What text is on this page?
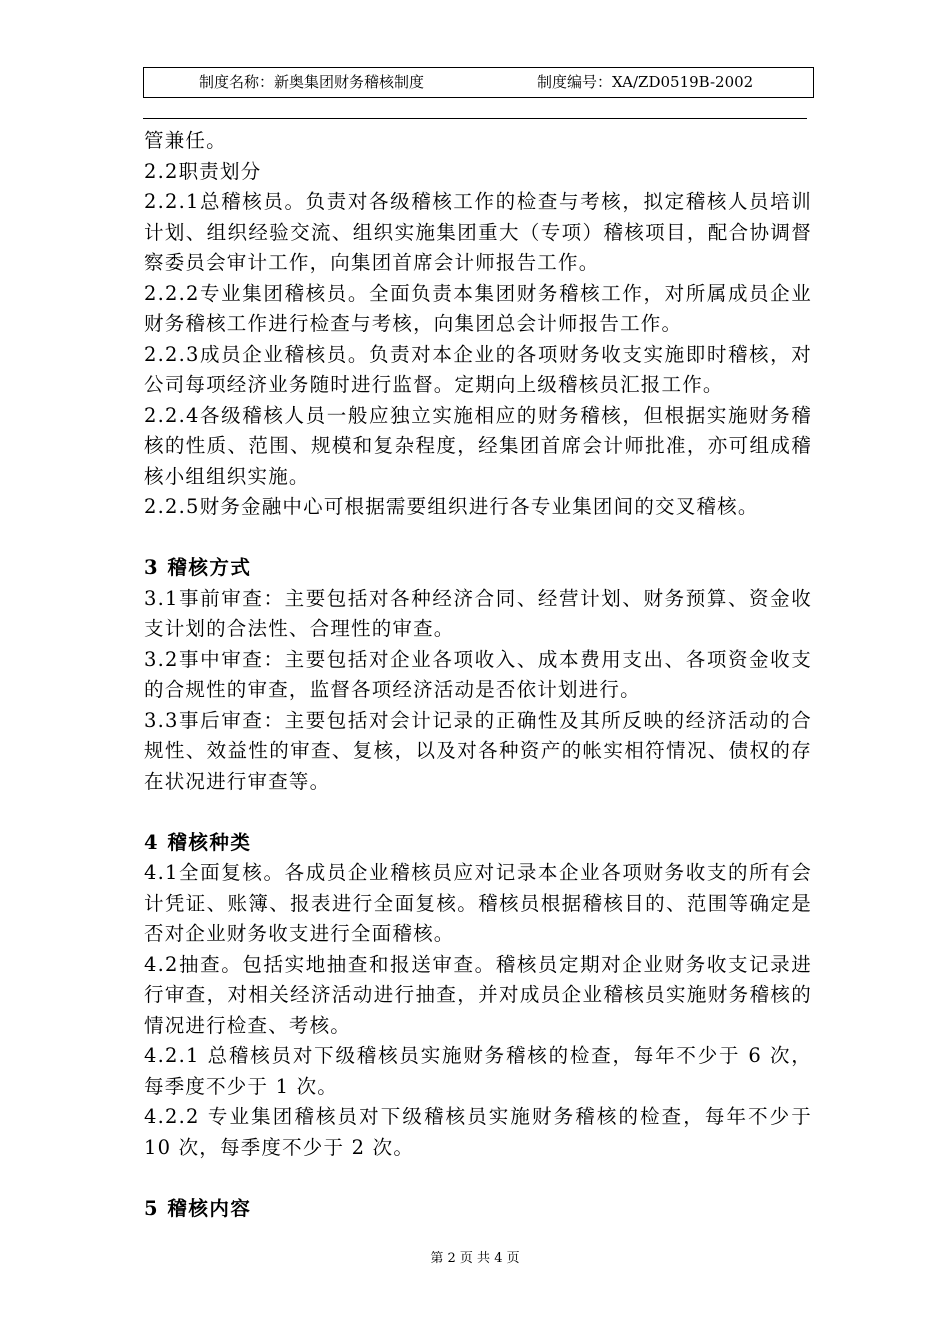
制度名称：新奥集团财务稽核制度	制度编号：XA/ZD0519B-2002

管兼任。

2.2职责划分

2.2.1总稽核员。负责对各级稽核工作的检查与考核，拟定稽核人员培训计划、组织经验交流、组织实施集团重大（专项）稽核项目，配合协调督察委员会审计工作，向集团首席会计师报告工作。

2.2.2专业集团稽核员。全面负责本集团财务稽核工作，对所属成员企业财务稽核工作进行检查与考核，向集团总会计师报告工作。

2.2.3成员企业稽核员。负责对本企业的各项财务收支实施即时稽核，对公司每项经济业务随时进行监督。定期向上级稽核员汇报工作。

2.2.4各级稽核人员一般应独立实施相应的财务稽核，但根据实施财务稽核的性质、范围、规模和复杂程度，经集团首席会计师批准，亦可组成稽核小组组织实施。

2.2.5财务金融中心可根据需要组织进行各专业集团间的交叉稽核。

3 稽核方式

3.1事前审查：主要包括对各种经济合同、经营计划、财务预算、资金收支计划的合法性、合理性的审查。

3.2事中审查：主要包括对企业各项收入、成本费用支出、各项资金收支的合规性的审查，监督各项经济活动是否依计划进行。

3.3事后审查：主要包括对会计记录的正确性及其所反映的经济活动的合规性、效益性的审查、复核，以及对各种资产的帐实相符情况、债权的存在状况进行审查等。

4 稽核种类

4.1全面复核。各成员企业稽核员应对记录本企业各项财务收支的所有会计凭证、账簿、报表进行全面复核。稽核员根据稽核目的、范围等确定是否对企业财务收支进行全面稽核。

4.2抽查。包括实地抽查和报送审查。稽核员定期对企业财务收支记录进行审查，对相关经济活动进行抽查，并对成员企业稽核员实施财务稽核的情况进行检查、考核。

4.2.1 总稽核员对下级稽核员实施财务稽核的检查，每年不少于 6 次，每季度不少于 1 次。

4.2.2 专业集团稽核员对下级稽核员实施财务稽核的检查，每年不少于 10 次，每季度不少于 2 次。

5 稽核内容

第 2 页 共 4 页
